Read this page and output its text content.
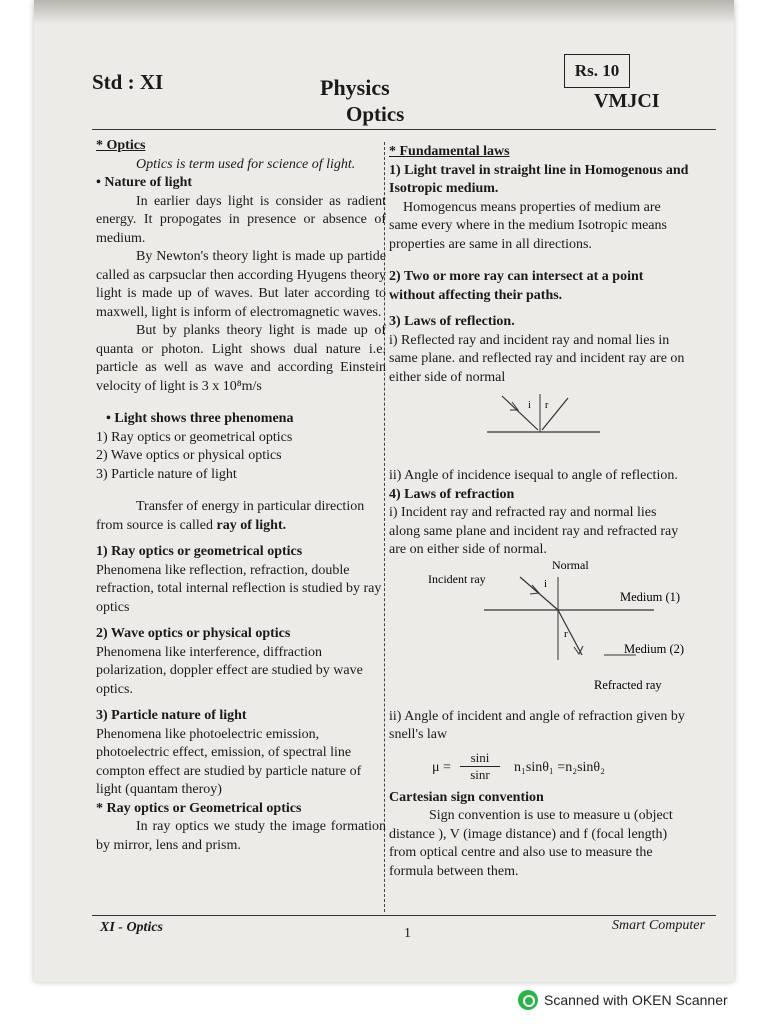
Std : XI	Physics
Optics
Rs. 10
VMJCI

* Optics

Optics is term used for science of light.

• Nature of light

In earlier days light is consider as radient energy. It propogates in presence or absence of medium.

By Newton's theory light is made up partide called as carpsuclar then according Hyugens theory light is made up of waves. But later according to maxwell, light is inform of electromagnetic waves.

But by planks theory light is made up of quanta or photon. Light shows dual nature i.e. particle as well as wave and according Einstein velocity of light is 3 x 10⁸m/s

• Light shows three phenomena

1) Ray optics or geometrical optics

2) Wave optics or physical optics

3) Particle nature of light

Transfer of energy in particular direction from source is called ray of light.

1) Ray optics or geometrical optics

Phenomena like reflection, refraction, double refraction, total internal reflection is studied by ray optics

2) Wave optics or physical optics

Phenomena like interference, diffraction polarization, doppler effect are studied by wave optics.

3) Particle nature of light

Phenomena like photoelectric emission, photoelectric effect, emission, of spectral line compton effect are studied by particle nature of light (quantam theroy)

* Ray optics or Geometrical optics

In ray optics we study the image formation by mirror, lens and prism.

* Fundamental laws

1) Light travel in straight line in Homogenous and Isotropic medium.

Homogencus means properties of medium are same every where in the medium Isotropic means properties are same in all directions.

2) Two or more ray can intersect at a point without affecting their paths.

3) Laws of reflection.

i) Reflected ray and incident ray and nomal lies in same plane. and reflected ray and incident ray are on either side of normal

ii) Angle of incidence isequal to angle of reflection.

4) Laws of refraction

i) Incident ray and refracted ray and normal lies along same plane and incident ray and refracted ray are on either side of normal.

ii) Angle of incident and angle of refraction given by snell's law

Cartesian sign convention

Sign convention is use to measure u (object distance ), V (image distance) and f (focal length) from optical centre and also use to measure the formula between them.

i r
Normal
Incident ray	i
r
Medium (1)
Medium (2)
Refracted ray
$\mu = \frac{\sin i}{\sin r} n_1\sin\theta_1 =n_2\sin\theta_2$
XI - Optics	1
Smart Computer
Scanned with OKEN Scanner
